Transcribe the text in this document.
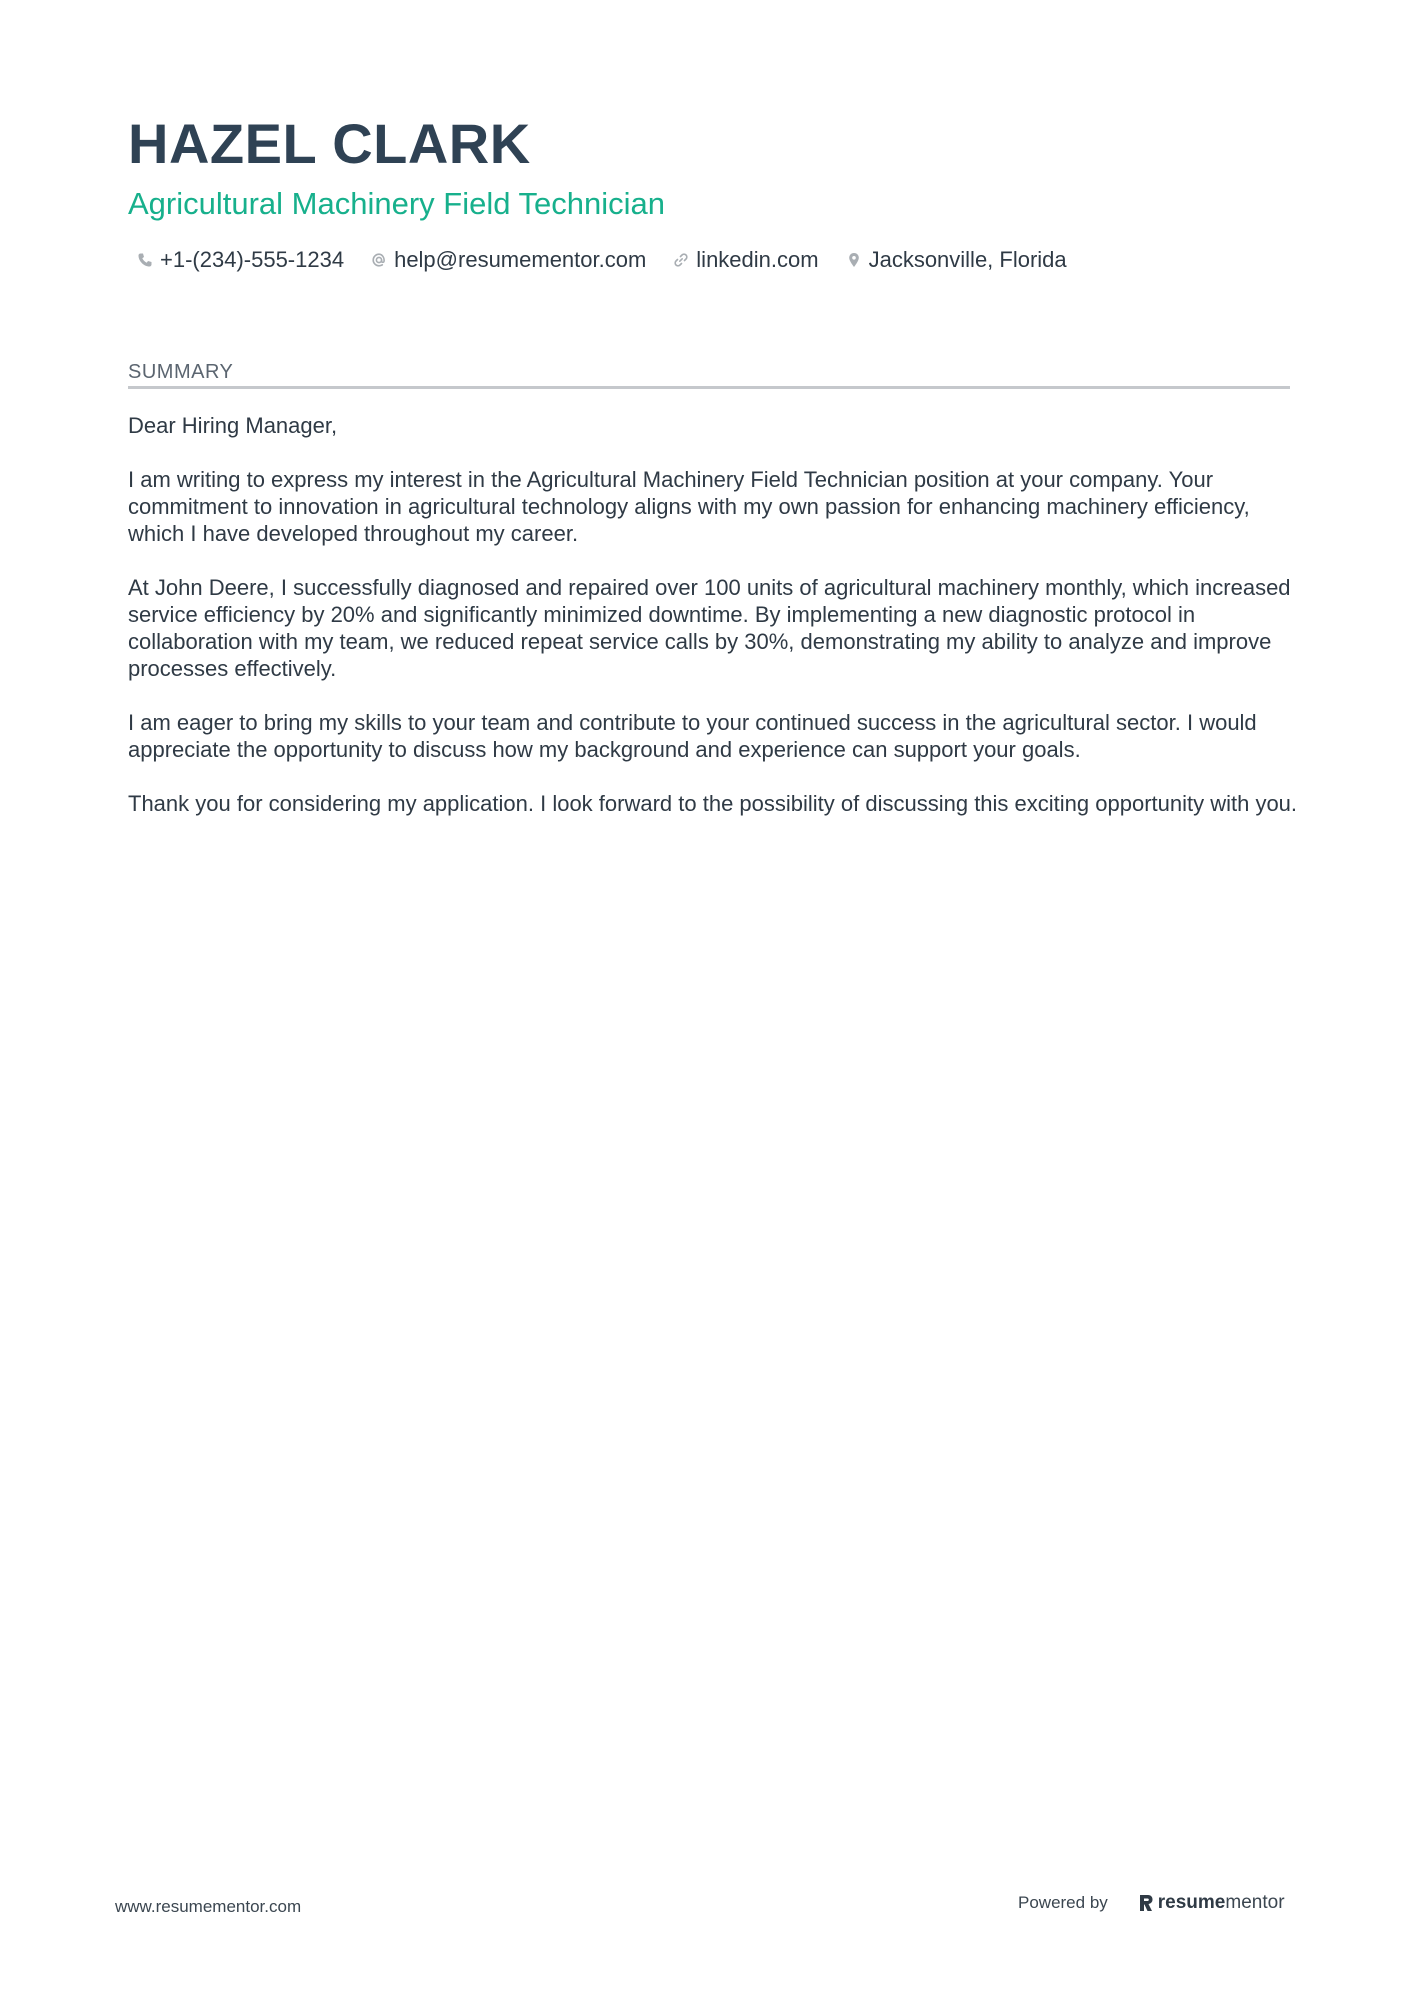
HAZEL CLARK
Agricultural Machinery Field Technician
+1-(234)-555-1234 help@resumementor.com linkedin.com Jacksonville, Florida
SUMMARY

Dear Hiring Manager,

I am writing to express my interest in the Agricultural Machinery Field Technician position at your company. Your commitment to innovation in agricultural technology aligns with my own passion for enhancing machinery efficiency, which I have developed throughout my career.

At John Deere, I successfully diagnosed and repaired over 100 units of agricultural machinery monthly, which increased service efficiency by 20% and significantly minimized downtime. By implementing a new diagnostic protocol in collaboration with my team, we reduced repeat service calls by 30%, demonstrating my ability to analyze and improve processes effectively.

I am eager to bring my skills to your team and contribute to your continued success in the agricultural sector. I would appreciate the opportunity to discuss how my background and experience can support your goals.

Thank you for considering my application. I look forward to the possibility of discussing this exciting opportunity with you.

www.resumementor.com	Powered by	resume mentor
